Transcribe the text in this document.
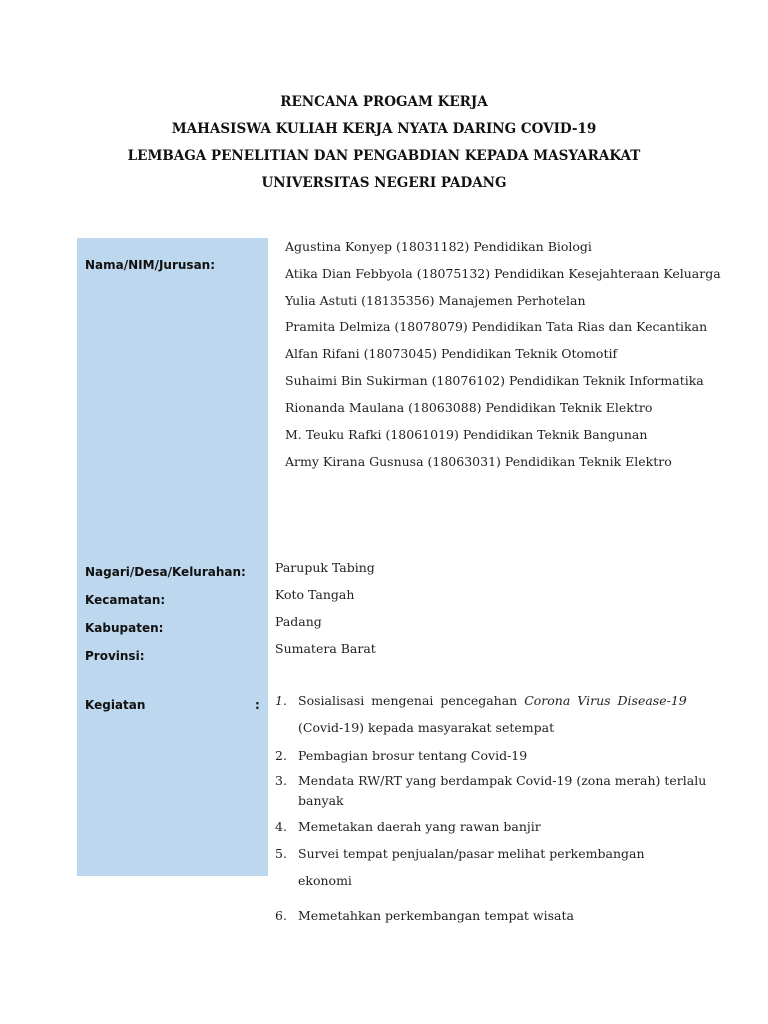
RENCANA PROGAM KERJA
MAHASISWA KULIAH KERJA NYATA DARING COVID-19
LEMBAGA PENELITIAN DAN PENGABDIAN KEPADA MASYARAKAT
UNIVERSITAS NEGERI PADANG
Nama/NIM/Jurusan:
Agustina Konyep (18031182) Pendidikan Biologi
Atika Dian Febbyola (18075132) Pendidikan Kesejahteraan Keluarga
Yulia Astuti (18135356) Manajemen Perhotelan
Pramita Delmiza (18078079) Pendidikan Tata Rias dan Kecantikan
Alfan Rifani (18073045) Pendidikan Teknik Otomotif
Suhaimi Bin Sukirman (18076102) Pendidikan Teknik Informatika
Rionanda Maulana (18063088) Pendidikan Teknik Elektro
M. Teuku Rafki (18061019) Pendidikan Teknik Bangunan
Army Kirana Gusnusa (18063031) Pendidikan Teknik Elektro
Nagari/Desa/Kelurahan: Parupuk Tabing
Kecamatan:	Koto Tangah
Kabupaten:	Padang
Provinsi:	Sumatera Barat
Kegiatan	: 1. Sosialisasi mengenai pencegahan Corona Virus Disease-19
(Covid-19) kepada masyarakat setempat
2. Pembagian brosur tentang Covid-19
3. Mendata RW/RT yang berdampak Covid-19 (zona merah) terlalu
banyak
4. Memetakan daerah yang rawan banjir
5. Survei tempat penjualan/pasar melihat perkembangan
ekonomi
6. Memetahkan perkembangan tempat wisata
